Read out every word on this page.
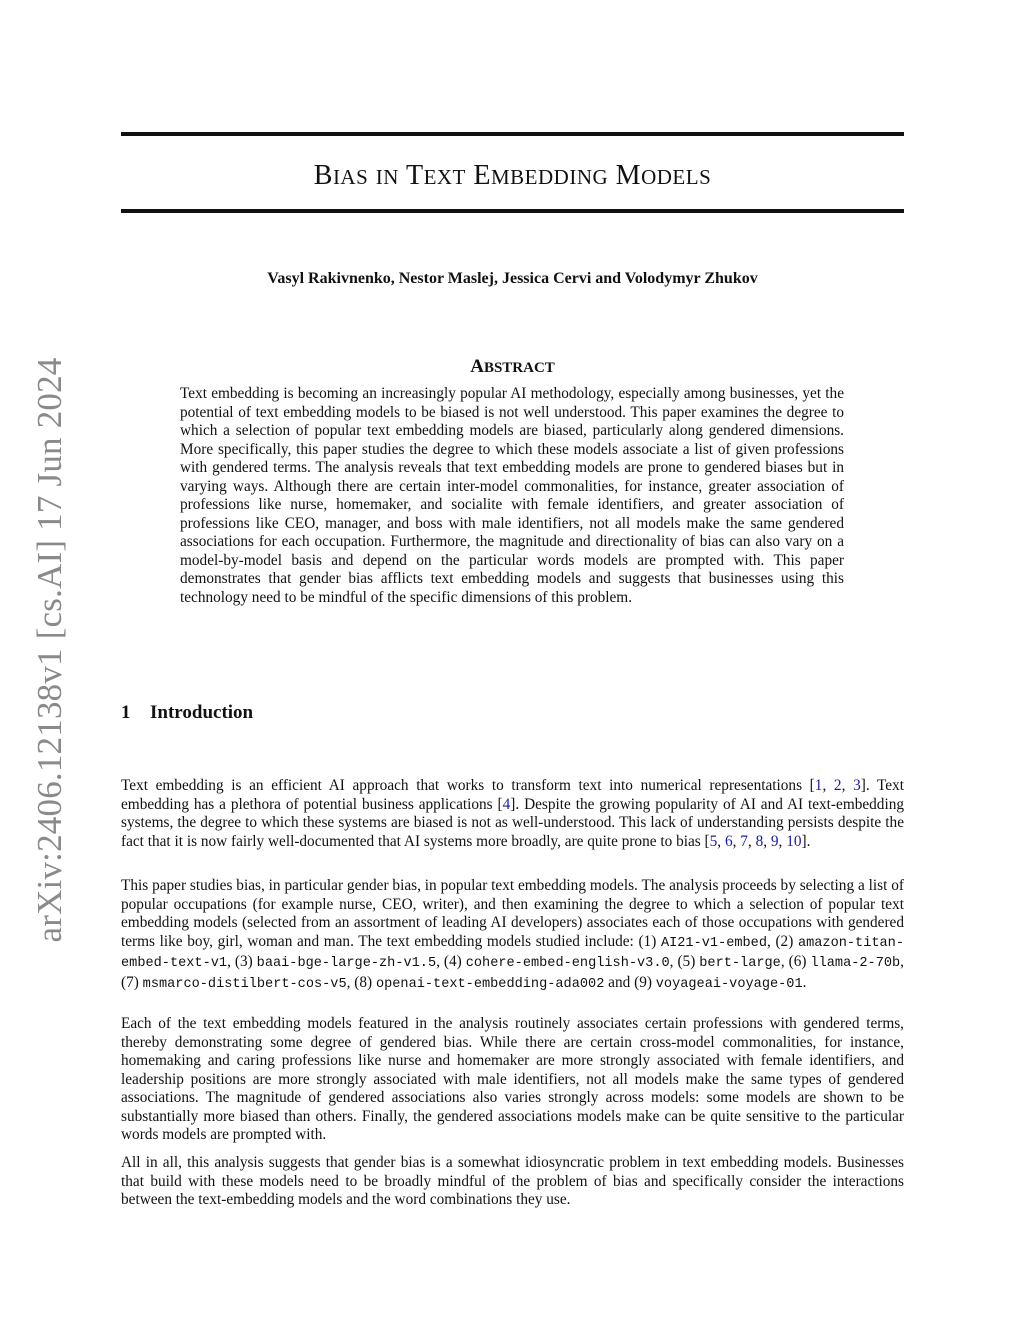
arXiv:2406.12138v1 [cs.AI] 17 Jun 2024
BIAS IN TEXT EMBEDDING MODELS
Vasyl Rakivnenko, Nestor Maslej, Jessica Cervi and Volodymyr Zhukov
ABSTRACT
Text embedding is becoming an increasingly popular AI methodology, especially among businesses, yet the potential of text embedding models to be biased is not well understood. This paper examines the degree to which a selection of popular text embedding models are biased, particularly along gendered dimensions. More specifically, this paper studies the degree to which these models associate a list of given professions with gendered terms. The analysis reveals that text embedding models are prone to gendered biases but in varying ways. Although there are certain inter-model commonalities, for instance, greater association of professions like nurse, homemaker, and socialite with female identifiers, and greater association of professions like CEO, manager, and boss with male identifiers, not all models make the same gendered associations for each occupation. Furthermore, the magnitude and directionality of bias can also vary on a model-by-model basis and depend on the particular words models are prompted with. This paper demonstrates that gender bias afflicts text embedding models and suggests that businesses using this technology need to be mindful of the specific dimensions of this problem.
1 Introduction
Text embedding is an efficient AI approach that works to transform text into numerical representations [1, 2, 3]. Text embedding has a plethora of potential business applications [4]. Despite the growing popularity of AI and AI text-embedding systems, the degree to which these systems are biased is not as well-understood. This lack of understanding persists despite the fact that it is now fairly well-documented that AI systems more broadly, are quite prone to bias [5, 6, 7, 8, 9, 10].
This paper studies bias, in particular gender bias, in popular text embedding models. The analysis proceeds by selecting a list of popular occupations (for example nurse, CEO, writer), and then examining the degree to which a selection of popular text embedding models (selected from an assortment of leading AI developers) associates each of those occupations with gendered terms like boy, girl, woman and man. The text embedding models studied include: (1) AI21-v1-embed, (2) amazon-titan-embed-text-v1, (3) baai-bge-large-zh-v1.5, (4) cohere-embed-english-v3.0, (5) bert-large, (6) llama-2-70b, (7) msmarco-distilbert-cos-v5, (8) openai-text-embedding-ada002 and (9) voyageai-voyage-01.
Each of the text embedding models featured in the analysis routinely associates certain professions with gendered terms, thereby demonstrating some degree of gendered bias. While there are certain cross-model commonalities, for instance, homemaking and caring professions like nurse and homemaker are more strongly associated with female identifiers, and leadership positions are more strongly associated with male identifiers, not all models make the same types of gendered associations. The magnitude of gendered associations also varies strongly across models: some models are shown to be substantially more biased than others. Finally, the gendered associations models make can be quite sensitive to the particular words models are prompted with.
All in all, this analysis suggests that gender bias is a somewhat idiosyncratic problem in text embedding models. Businesses that build with these models need to be broadly mindful of the problem of bias and specifically consider the interactions between the text-embedding models and the word combinations they use.
